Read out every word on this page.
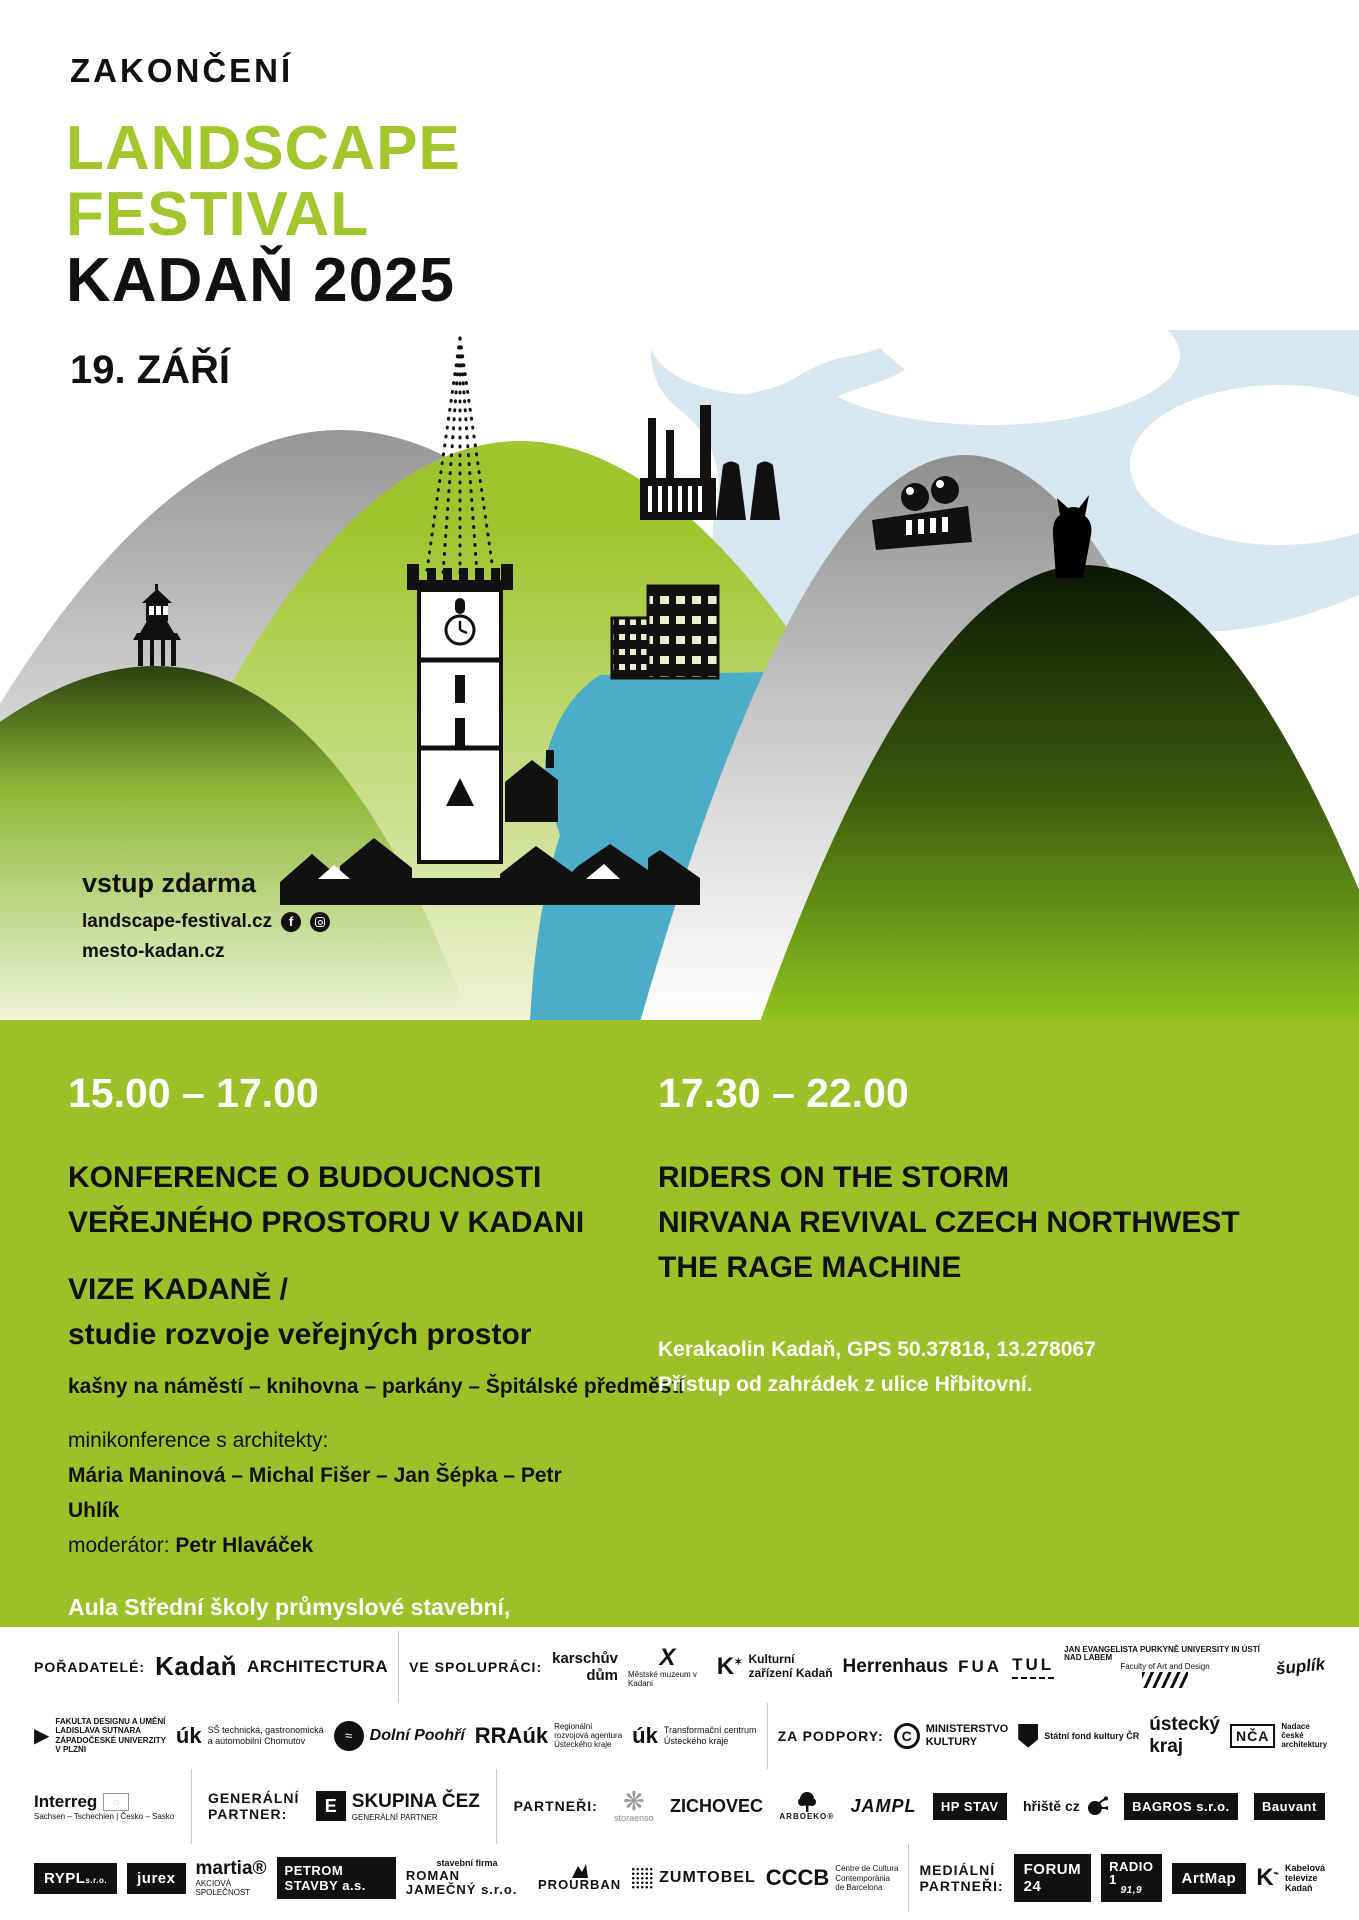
ZAKONČENÍ
LANDSCAPE
FESTIVAL
KADAŇ 2025
19. ZÁŘÍ
vstup zdarma
landscape-festival.cz	f
mesto-kadan.cz
15.00 – 17.00
KONFERENCE O BUDOUCNOSTI
VEŘEJNÉHO PROSTORU V KADANI
VIZE KADANĚ /
studie rozvoje veřejných prostor
kašny na náměstí – knihovna – parkány – Špitálské předměstí
minikonference s architekty:
Mária Maninová – Michal Fišer – Jan Šépka – Petr Uhlík
moderátor: Petr Hlaváček
Aula Střední školy průmyslové stavební,
17.30 – 22.00
RIDERS ON THE STORM
NIRVANA REVIVAL CZECH NORTHWEST
THE RAGE MACHINE
Kerakaolin Kadaň, GPS 50.37818, 13.278067
Přístup od zahrádek z ulice Hřbitovní.
POŘADATELÉ: Kadaň ARCHITECTURA VE SPOLUPRÁCI:
karschův
dům
X
Městské muzeum v Kadani
K✶ Kulturní
zařízení Kadaň Herrenhaus FUA TUL
JAN EVANGELISTA PURKYNĚ UNIVERSITY IN ÚSTÍ NAD LABEM
Faculty of Art and Design	šuplík
▶
FAKULTA DESIGNU A UMĚNÍ
LADISLAVA SUTNARA
ZÁPADOČESKÉ UNIVERZITY
V PLZNI
úk SŠ technická, gastronomická
a automobilní Chomutov	≈	Dolní Poohří RRAúk Regionální
rozvojová agentura
Ústeckého kraje úk Transformační centrum
Ústeckého kraje	ZA PODPORY:	C	MINISTERSTVO
KULTURY	Státní fond kultury ČR
ústecký kraj	NČA
Nadace
české
architektury
Interreg	◌
Sachsen – Tschechien | Česko – Sasko
GENERÁLNÍ
PARTNER:	E SKUPINA ČEZ
GENERÁLNÍ PARTNER
PARTNEŘI: ❋
storaenso
ZICHOVEC
ARBOEKO®
JAMPL	HP STAV	hřiště cz	BAGROS s.r.o.	Bauvant
RYPLs.r.o.	jurex	martia®
AKCIOVÁ SPOLEČNOST
PETROM STAVBY a.s.
stavební firma
ROMAN JAMEČNÝ s.r.o.	PROURBAN ZUMTOBEL CCCB Centre de Cultura
Contemporània
de Barcelona
MEDIÁLNÍ
PARTNEŘI:
FORUM 24
RADIO 1
91,9
ArtMap K⌁
Kabelová
televize
Kadaň
